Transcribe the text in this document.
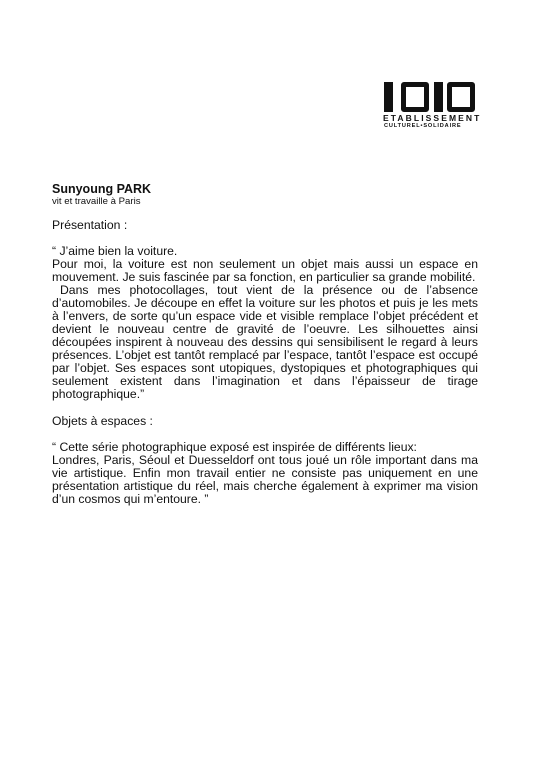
ETABLISSEMENT
CULTUREL•SOLIDAIRE
Sunyoung PARK
vit et travaille à Paris
Présentation :

“ J’aime bien la voiture.

Pour moi, la voiture est non seulement un objet mais aussi un espace en mouvement. Je suis fascinée par sa fonction, en particulier sa grande mobilité.

Dans mes photocollages, tout vient de la présence ou de l’absence d’automobiles. Je découpe en effet la voiture sur les photos et puis je les mets à l’envers, de sorte qu’un espace vide et visible remplace l’objet précédent et devient le nouveau centre de gravité de l’oeuvre. Les silhouettes ainsi découpées inspirent à nouveau des dessins qui sensibilisent le regard à leurs présences. L’objet est tantôt remplacé par l’espace, tantôt l’espace est occupé par l’objet. Ses espaces sont utopiques, dystopiques et photographiques qui seulement existent dans l’imagination et dans l’épaisseur de tirage photographique.”

Objets à espaces :

“ Cette série photographique exposé est inspirée de différents lieux:

Londres, Paris, Séoul et Duesseldorf ont tous joué un rôle important dans ma vie artistique. Enfin mon travail entier ne consiste pas uniquement en une présentation artistique du réel, mais cherche également à exprimer ma vision d’un cosmos qui m’entoure. ”
